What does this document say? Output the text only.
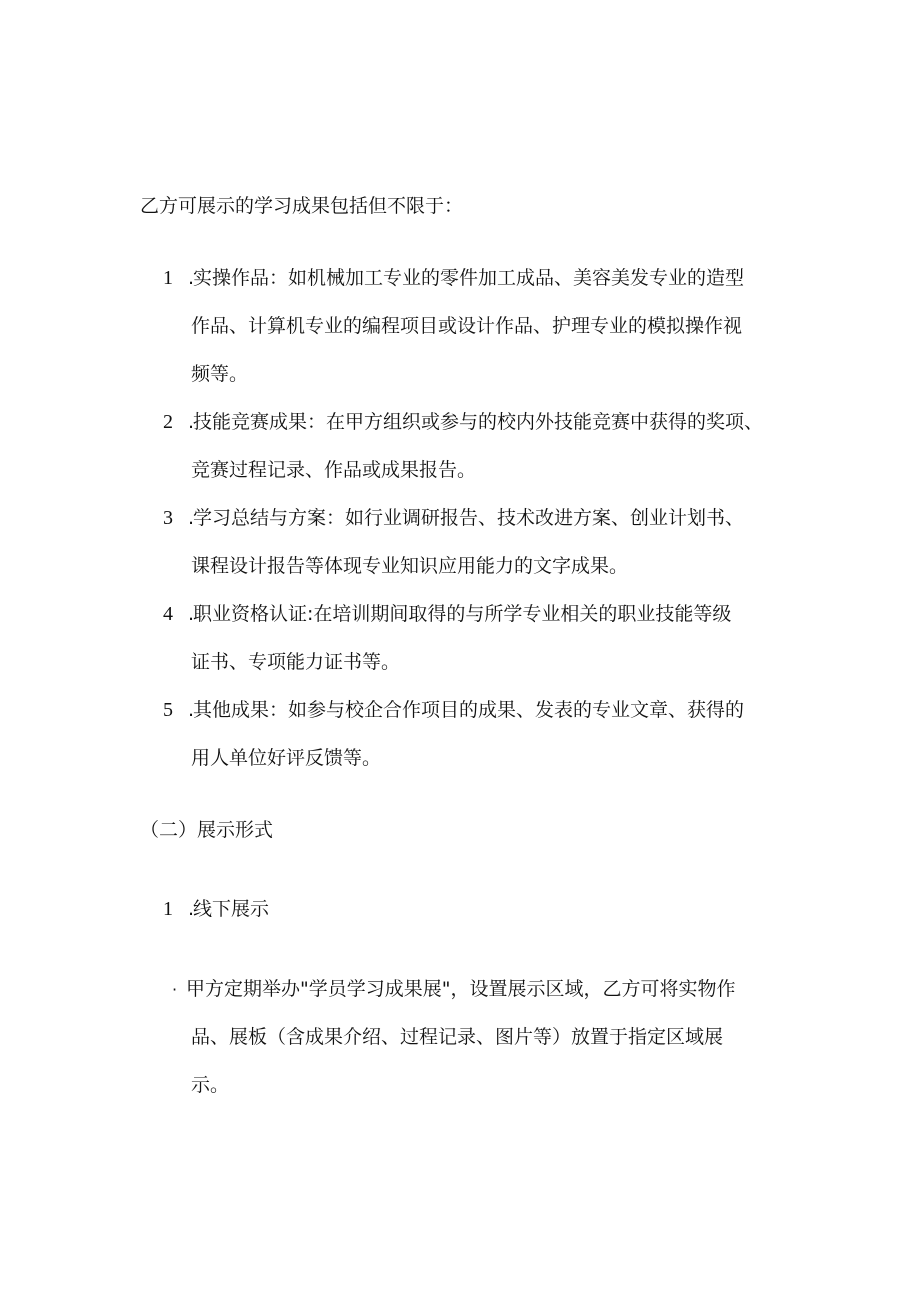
乙方可展示的学习成果包括但不限于：
1 .
实操作品：如机械加工专业的零件加工成品、美容美发专业的造型
作品、计算机专业的编程项目或设计作品、护理专业的模拟操作视
频等。
2 .
技能竞赛成果：在甲方组织或参与的校内外技能竞赛中获得的奖项、
竞赛过程记录、作品或成果报告。
3 .
学习总结与方案：如行业调研报告、技术改进方案、创业计划书、
课程设计报告等体现专业知识应用能力的文字成果。
4 .
职业资格认证:在培训期间取得的与所学专业相关的职业技能等级
证书、专项能力证书等。
5 .
其他成果：如参与校企合作项目的成果、发表的专业文章、获得的
用人单位好评反馈等。
（二）展示形式
1 .
线下展示
· 甲方定期举办"学员学习成果展"，设置展示区域，乙方可将实物作
品、展板（含成果介绍、过程记录、图片等）放置于指定区域展
示。
